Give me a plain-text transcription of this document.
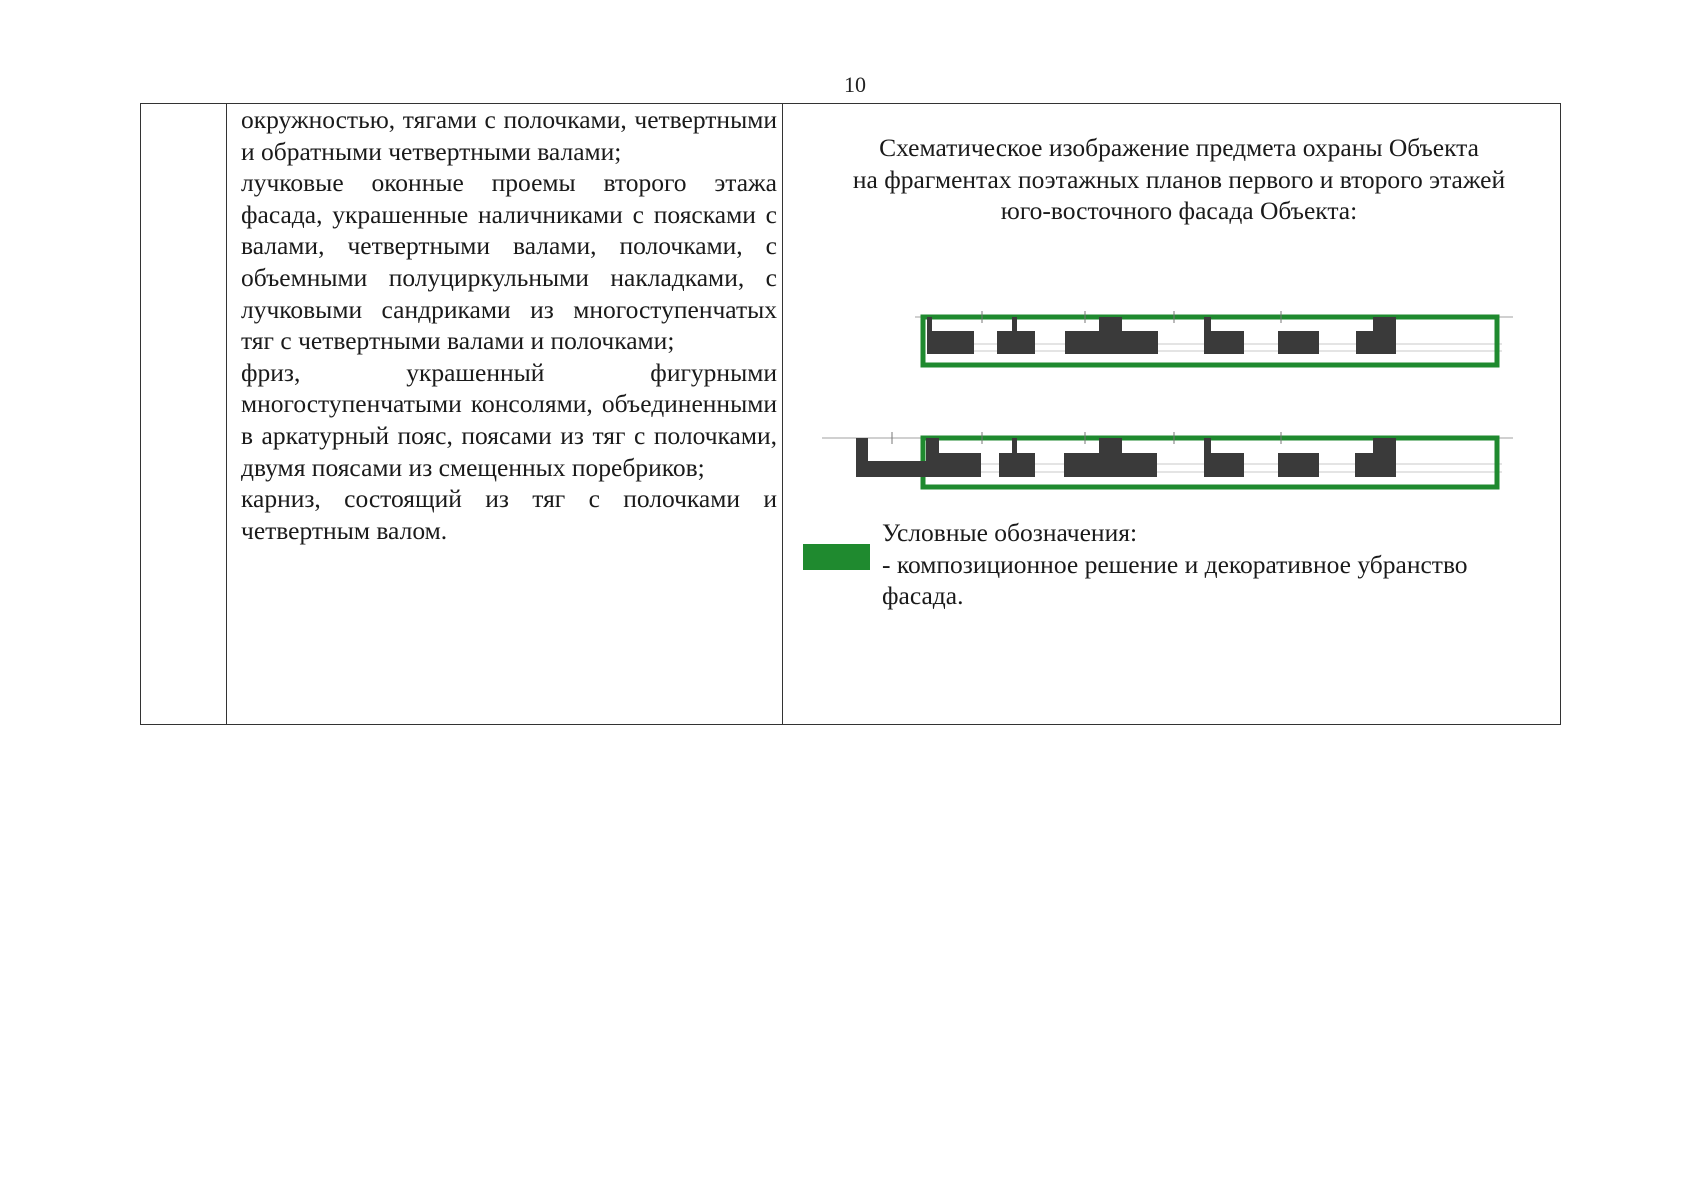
10
окружностью, тягами с полочками, четвертными и обратными четвертными валами;
лучковые оконные проемы второго этажа фасада, украшенные наличниками с поясками с валами, четвертными валами, полочками, с объемными полуциркульными накладками, с лучковыми сандриками из многоступенчатых тяг с четвертными валами и полочками;
фриз, украшенный фигурными многоступенчатыми консолями, объединенными в аркатурный пояс, поясами из тяг с полочками, двумя поясами из смещенных поребриков;
карниз, состоящий из тяг с полочками и четвертным валом.
Схематическое изображение предмета охраны Объекта
на фрагментах поэтажных планов первого и второго этажей
юго-восточного фасада Объекта:
Условные обозначения:
- композиционное решение и декоративное убранство фасада.
